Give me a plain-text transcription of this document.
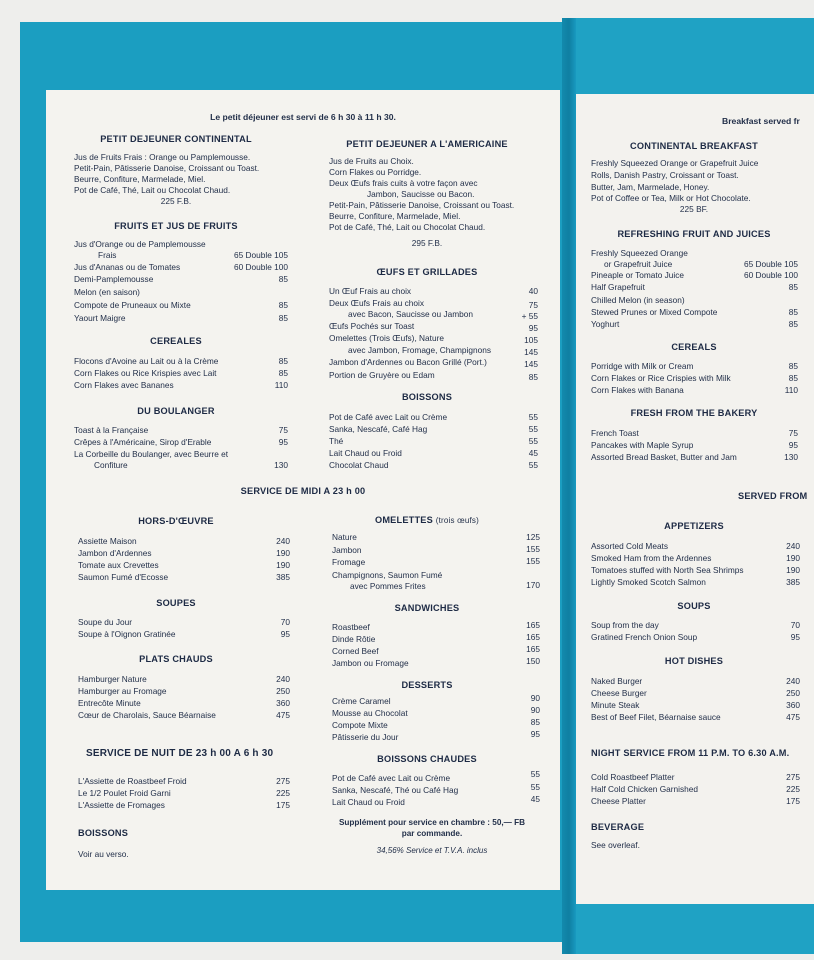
Le petit déjeuner est servi de 6 h 30 à 11 h 30.
PETIT DEJEUNER CONTINENTAL
Jus de Fruits Frais : Orange ou Pamplemousse.
Petit-Pain, Pâtisserie Danoise, Croissant ou Toast.
Beurre, Confiture, Marmelade, Miel.
Pot de Café, Thé, Lait ou Chocolat Chaud.
225 F.B.
FRUITS ET JUS DE FRUITS
Jus d'Orange ou de Pamplemousse
Frais	65 Double 105
Jus d'Ananas ou de Tomates	60 Double 100
Demi-Pamplemousse	85
Melon (en saison)
Compote de Pruneaux ou Mixte	85
Yaourt Maigre	85
CEREALES
Flocons d'Avoine au Lait ou à la Crème	85
Corn Flakes ou Rice Krispies avec Lait	85
Corn Flakes avec Bananes	110
DU BOULANGER
Toast à la Française	75
Crêpes à l'Américaine, Sirop d'Erable	95
La Corbeille du Boulanger, avec Beurre et
Confiture	130
PETIT DEJEUNER A L'AMERICAINE
Jus de Fruits au Choix.
Corn Flakes ou Porridge.
Deux Œufs frais cuits à votre façon avec
Jambon, Saucisse ou Bacon.
Petit-Pain, Pâtisserie Danoise, Croissant ou Toast.
Beurre, Confiture, Marmelade, Miel.
Pot de Café, Thé, Lait ou Chocolat Chaud.
295 F.B.
ŒUFS ET GRILLADES
Un Œuf Frais au choix	40
Deux Œufs Frais au choix	75
avec Bacon, Saucisse ou Jambon	+ 55
Œufs Pochés sur Toast	95
Omelettes (Trois Œufs), Nature	105
avec Jambon, Fromage, Champignons	145
Jambon d'Ardennes ou Bacon Grillé (Port.)	145
Portion de Gruyère ou Edam	85
BOISSONS
Pot de Café avec Lait ou Crème	55
Sanka, Nescafé, Café Hag	55
Thé	55
Lait Chaud ou Froid	45
Chocolat Chaud	55
SERVICE DE MIDI A 23 h 00
HORS-D'ŒUVRE
Assiette Maison	240
Jambon d'Ardennes	190
Tomate aux Crevettes	190
Saumon Fumé d'Ecosse	385
SOUPES
Soupe du Jour	70
Soupe à l'Oignon Gratinée	95
PLATS CHAUDS
Hamburger Nature	240
Hamburger au Fromage	250
Entrecôte Minute	360
Cœur de Charolais, Sauce Béarnaise	475
SERVICE DE NUIT DE 23 h 00 A 6 h 30
L'Assiette de Roastbeef Froid	275
Le 1/2 Poulet Froid Garni	225
L'Assiette de Fromages	175
BOISSONS
Voir au verso.
OMELETTES (trois œufs)
Nature	125
Jambon	155
Fromage	155
Champignons, Saumon Fumé
avec Pommes Frites	170
SANDWICHES
Roastbeef	165
Dinde Rôtie	165
Corned Beef	165
Jambon ou Fromage	150
DESSERTS
Crème Caramel	90
Mousse au Chocolat	90
Compote Mixte	85
Pâtisserie du Jour	95
BOISSONS CHAUDES
Pot de Café avec Lait ou Crème	55
Sanka, Nescafé, Thé ou Café Hag	55
Lait Chaud ou Froid	45
Supplément pour service en chambre : 50,— FB
par commande.
34,56% Service et T.V.A. inclus
Breakfast served fr
CONTINENTAL BREAKFAST
Freshly Squeezed Orange or Grapefruit Juice
Rolls, Danish Pastry, Croissant or Toast.
Butter, Jam, Marmelade, Honey.
Pot of Coffee or Tea, Milk or Hot Chocolate.
225 BF.
REFRESHING FRUIT AND JUICES
Freshly Squeezed Orange
or Grapefruit Juice	65 Double 105
Pineaple or Tomato Juice	60 Double 100
Half Grapefruit	85
Chilled Melon (in season)
Stewed Prunes or Mixed Compote	85
Yoghurt	85
CEREALS
Porridge with Milk or Cream	85
Corn Flakes or Rice Crispies with Milk	85
Corn Flakes with Banana	110
FRESH FROM THE BAKERY
French Toast	75
Pancakes with Maple Syrup	95
Assorted Bread Basket, Butter and Jam	130
SERVED FROM
APPETIZERS
Assorted Cold Meats	240
Smoked Ham from the Ardennes	190
Tomatoes stuffed with North Sea Shrimps	190
Lightly Smoked Scotch Salmon	385
SOUPS
Soup from the day	70
Gratined French Onion Soup	95
HOT DISHES
Naked Burger	240
Cheese Burger	250
Minute Steak	360
Best of Beef Filet, Béarnaise sauce	475
NIGHT SERVICE FROM 11 P.M. TO 6.30 A.M.
Cold Roastbeef Platter	275
Half Cold Chicken Garnished	225
Cheese Platter	175
BEVERAGE
See overleaf.
